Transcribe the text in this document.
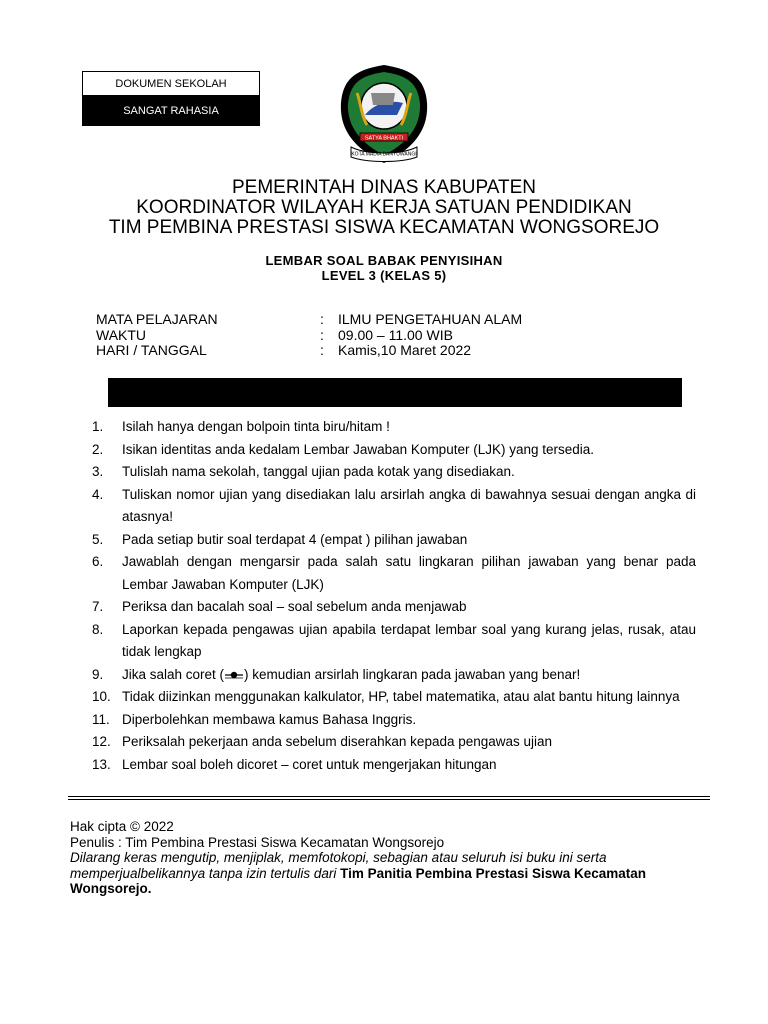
DOKUMEN SEKOLAH
SANGAT RAHASIA
SATYA BHAKTI
KOTA MADIA BANYUWANGI
PEMERINTAH DINAS KABUPATEN
KOORDINATOR WILAYAH KERJA SATUAN PENDIDIKAN
TIM PEMBINA PRESTASI SISWA KECAMATAN WONGSOREJO
LEMBAR SOAL BABAK PENYISIHAN
LEVEL 3 (KELAS 5)
MATA PELAJARAN	:	ILMU PENGETAHUAN ALAM
WAKTU	:	09.00 – 11.00 WIB
HARI / TANGGAL	:	Kamis,10 Maret 2022
1.	Isilah hanya dengan bolpoin tinta biru/hitam !
2.	Isikan identitas anda kedalam Lembar Jawaban Komputer (LJK) yang tersedia.
3.	Tulislah nama sekolah, tanggal ujian pada kotak yang disediakan.
4.	Tuliskan nomor ujian yang disediakan lalu arsirlah angka di bawahnya sesuai dengan angka di atasnya!
5.	Pada setiap butir soal terdapat 4 (empat ) pilihan jawaban
6.	Jawablah dengan mengarsir pada salah satu lingkaran pilihan jawaban yang benar pada Lembar Jawaban Komputer (LJK)
7.	Periksa dan bacalah soal – soal sebelum anda menjawab
8.	Laporkan kepada pengawas ujian apabila terdapat lembar soal yang kurang jelas, rusak, atau tidak lengkap
9.	Jika salah coret ( ) kemudian arsirlah lingkaran pada jawaban yang benar!
10. Tidak diizinkan menggunakan kalkulator, HP, tabel matematika, atau alat bantu hitung lainnya
11. Diperbolehkan membawa kamus Bahasa Inggris.
12. Periksalah pekerjaan anda sebelum diserahkan kepada pengawas ujian
13. Lembar soal boleh dicoret – coret untuk mengerjakan hitungan
Hak cipta © 2022
Penulis : Tim Pembina Prestasi Siswa Kecamatan Wongsorejo
Dilarang keras mengutip, menjiplak, memfotokopi, sebagian atau seluruh isi buku ini serta memperjualbelikannya tanpa izin tertulis dari Tim Panitia Pembina Prestasi Siswa Kecamatan Wongsorejo.
